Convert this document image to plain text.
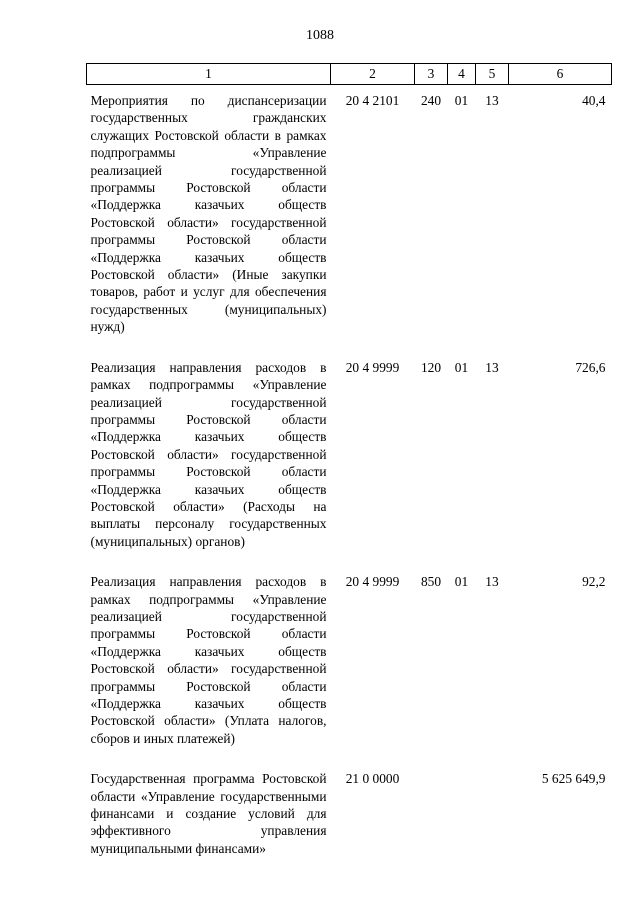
1088
1	2	3	4	5	6
Мероприятия по диспансеризации государственных гражданских служащих Ростовской области в рамках подпрограммы «Управление реализацией государственной программы Ростовской области «Поддержка казачьих обществ Ростовской области» государственной программы Ростовской области «Поддержка казачьих обществ Ростовской области» (Иные закупки товаров, работ и услуг для обеспечения государственных (муниципальных) нужд)	20 4 2101	240	01	13	40,4
Реализация направления расходов в рамках подпрограммы «Управление реализацией государственной программы Ростовской области «Поддержка казачьих обществ Ростовской области» государственной программы Ростовской области «Поддержка казачьих обществ Ростовской области» (Расходы на выплаты персоналу государственных (муниципальных) органов)	20 4 9999	120	01	13	726,6
Реализация направления расходов в рамках подпрограммы «Управление реализацией государственной программы Ростовской области «Поддержка казачьих обществ Ростовской области» государственной программы Ростовской области «Поддержка казачьих обществ Ростовской области» (Уплата налогов, сборов и иных платежей)	20 4 9999	850	01	13	92,2
Государственная программа Ростовской области «Управление государственными финансами и создание условий для эффективного управления муниципальными финансами»	21 0 0000				5 625 649,9
